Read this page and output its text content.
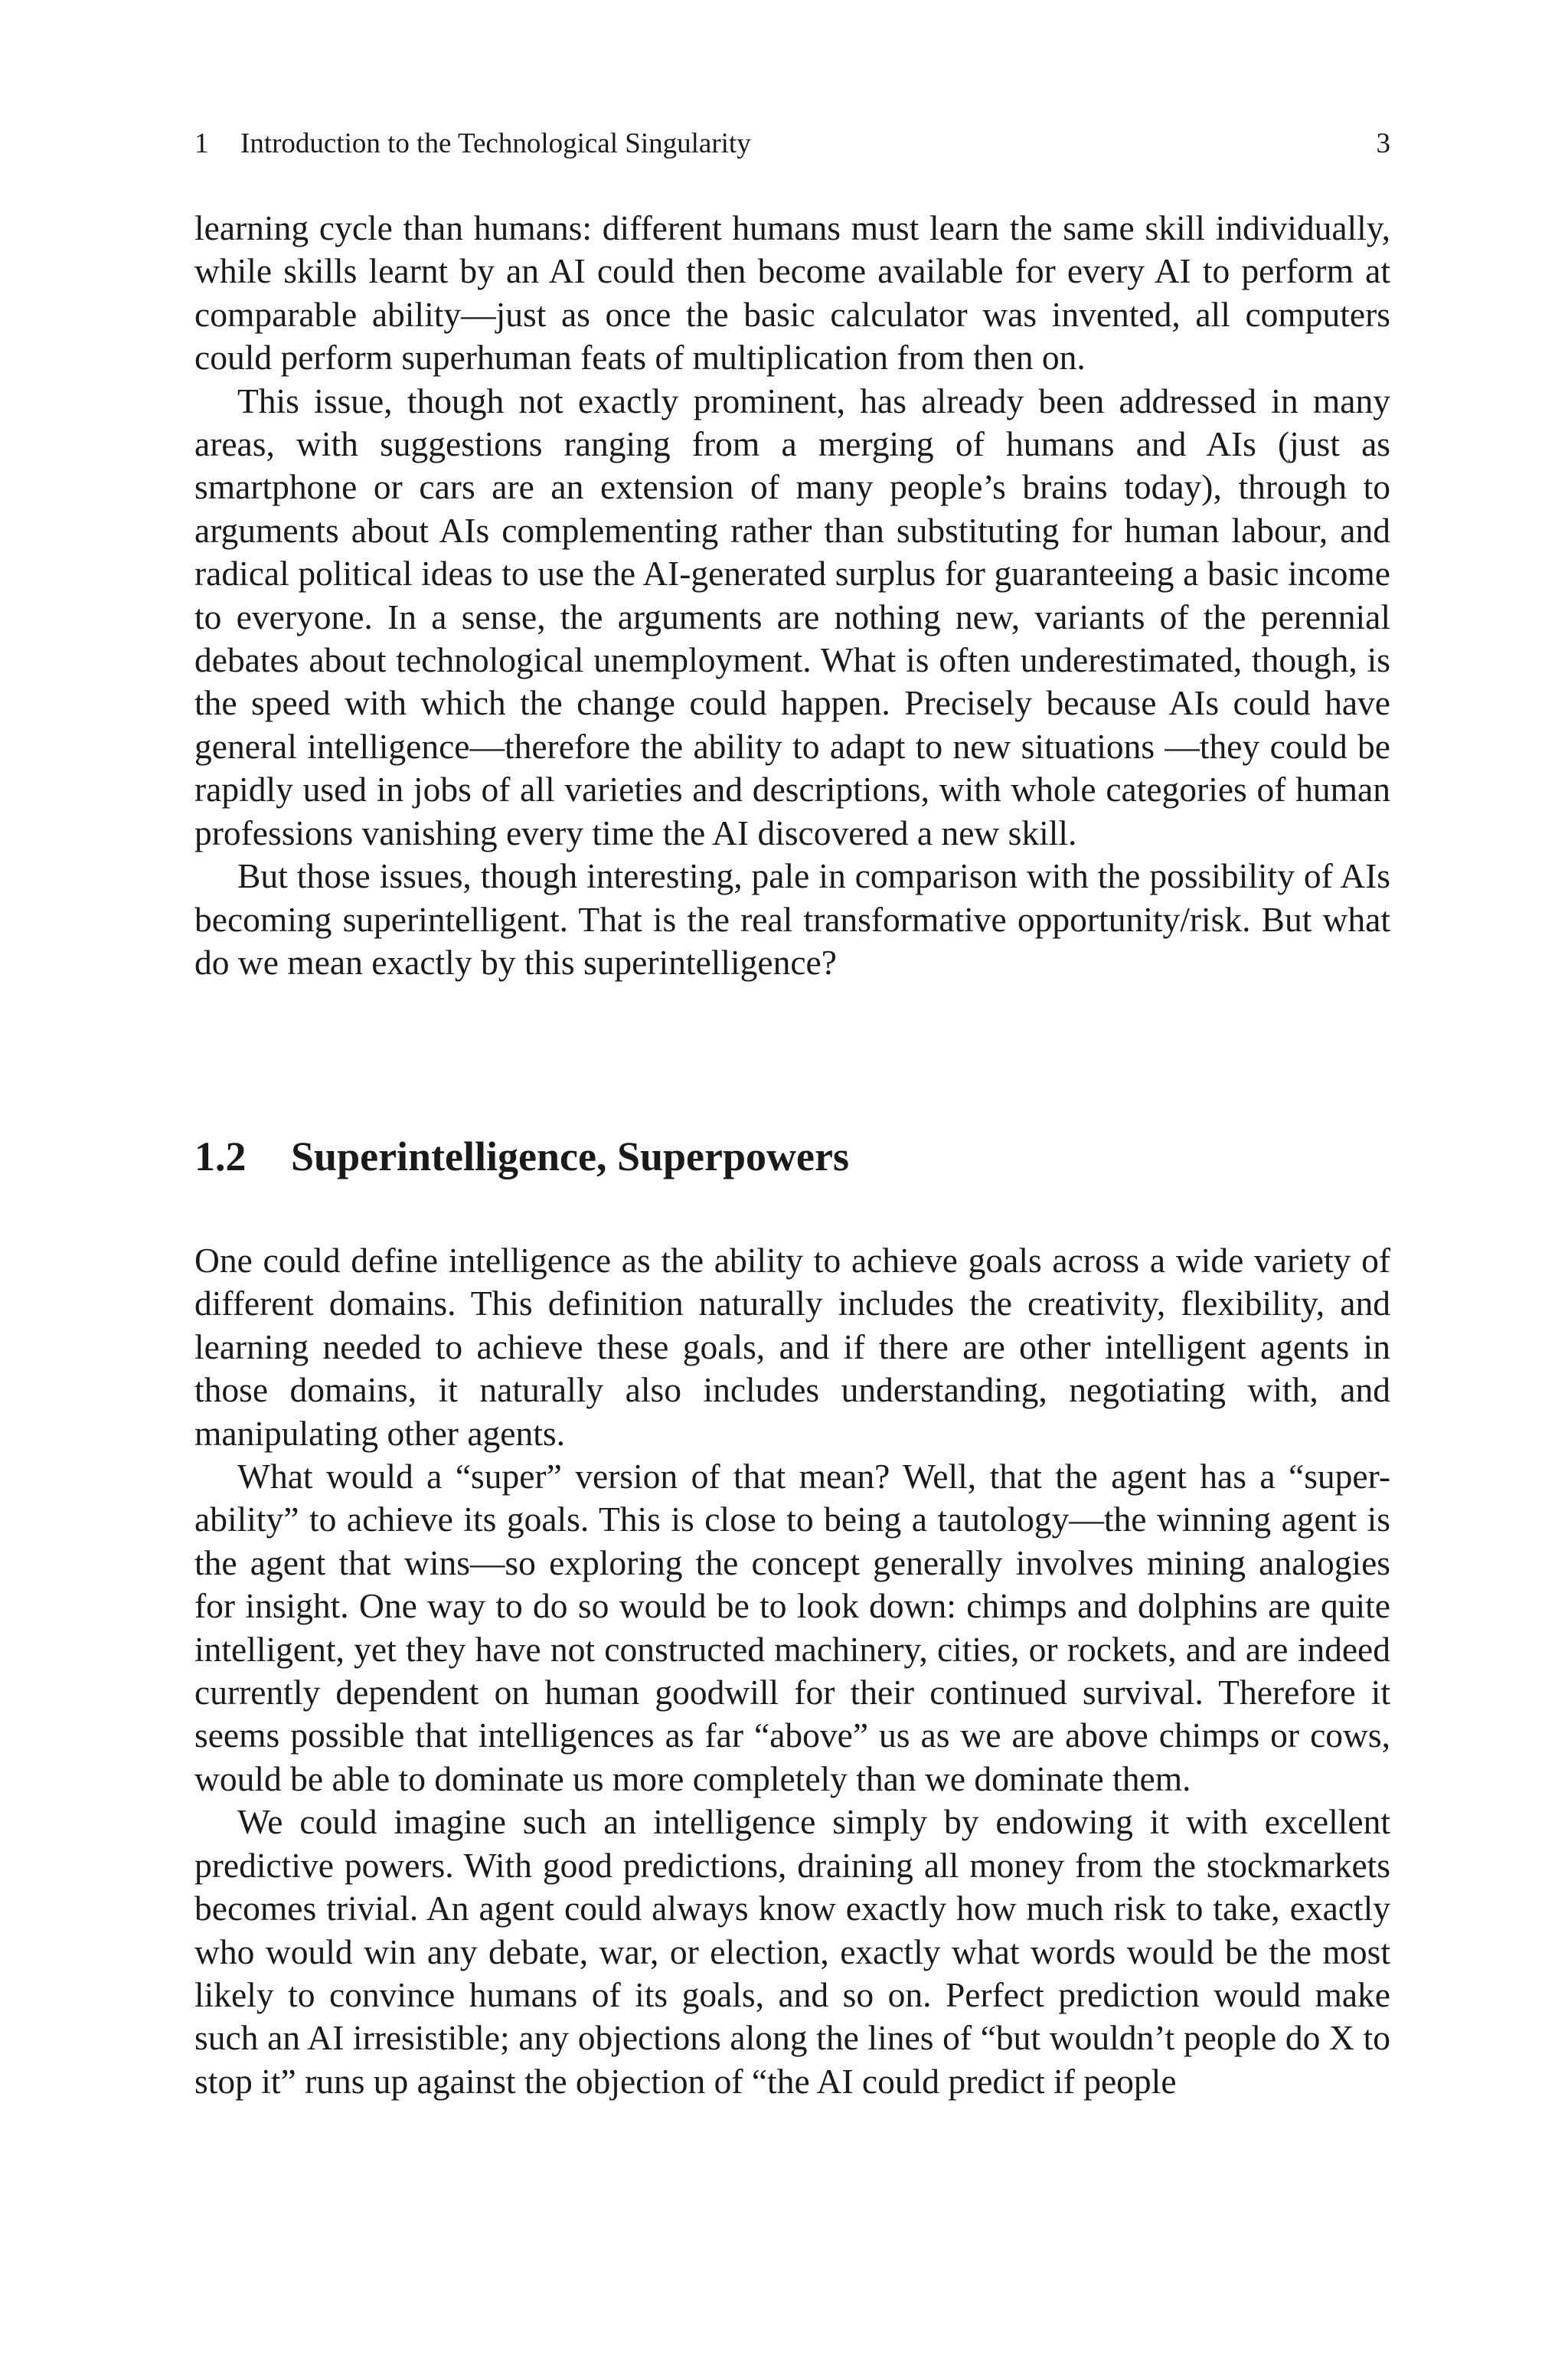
1 Introduction to the Technological Singularity	3

learning cycle than humans: different humans must learn the same skill individually, while skills learnt by an AI could then become available for every AI to perform at comparable ability—just as once the basic calculator was invented, all computers could perform superhuman feats of multiplication from then on.

This issue, though not exactly prominent, has already been addressed in many areas, with suggestions ranging from a merging of humans and AIs (just as smartphone or cars are an extension of many people’s brains today), through to arguments about AIs complementing rather than substituting for human labour, and radical political ideas to use the AI-generated surplus for guaranteeing a basic income to everyone. In a sense, the arguments are nothing new, variants of the perennial debates about technological unemployment. What is often underestimated, though, is the speed with which the change could happen. Precisely because AIs could have general intelligence—therefore the ability to adapt to new situations —they could be rapidly used in jobs of all varieties and descriptions, with whole categories of human professions vanishing every time the AI discovered a new skill.

But those issues, though interesting, pale in comparison with the possibility of AIs becoming superintelligent. That is the real transformative opportunity/risk. But what do we mean exactly by this superintelligence?

1.2 Superintelligence, Superpowers

One could define intelligence as the ability to achieve goals across a wide variety of different domains. This definition naturally includes the creativity, flexibility, and learning needed to achieve these goals, and if there are other intelligent agents in those domains, it naturally also includes understanding, negotiating with, and manipulating other agents.

What would a “super” version of that mean? Well, that the agent has a “super-ability” to achieve its goals. This is close to being a tautology—the winning agent is the agent that wins—so exploring the concept generally involves mining analogies for insight. One way to do so would be to look down: chimps and dolphins are quite intelligent, yet they have not constructed machinery, cities, or rockets, and are indeed currently dependent on human goodwill for their continued survival. Therefore it seems possible that intelligences as far “above” us as we are above chimps or cows, would be able to dominate us more completely than we dominate them.

We could imagine such an intelligence simply by endowing it with excellent predictive powers. With good predictions, draining all money from the stockmarkets becomes trivial. An agent could always know exactly how much risk to take, exactly who would win any debate, war, or election, exactly what words would be the most likely to convince humans of its goals, and so on. Perfect prediction would make such an AI irresistible; any objections along the lines of “but wouldn’t people do X to stop it” runs up against the objection of “the AI could predict if people
